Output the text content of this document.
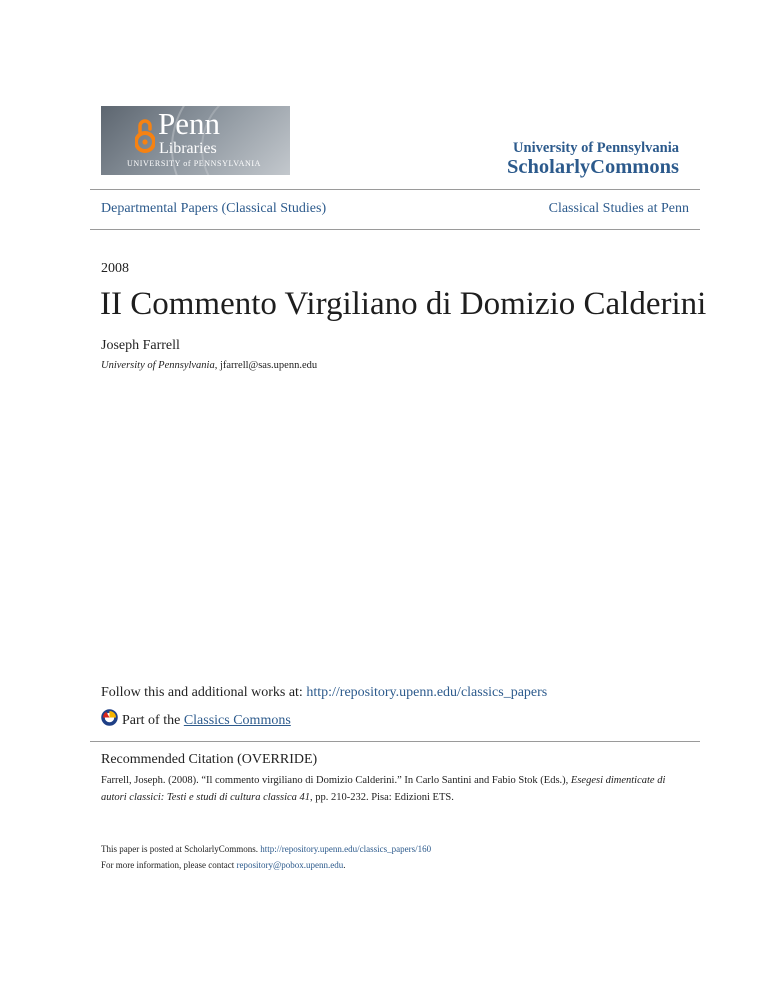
Penn
Libraries
UNIVERSITY of PENNSYLVANIA
University of Pennsylvania
ScholarlyCommons
Departmental Papers (Classical Studies)	Classical Studies at Penn
2008
II Commento Virgiliano di Domizio Calderini
Joseph Farrell
University of Pennsylvania, jfarrell@sas.upenn.edu
Follow this and additional works at: http://repository.upenn.edu/classics_papers
Part of the Classics Commons
Recommended Citation (OVERRIDE)
Farrell, Joseph. (2008). “Il commento virgiliano di Domizio Calderini.” In Carlo Santini and Fabio Stok (Eds.), Esegesi dimenticate di autori classici: Testi e studi di cultura classica 41, pp. 210-232. Pisa: Edizioni ETS.
This paper is posted at ScholarlyCommons. http://repository.upenn.edu/classics_papers/160
For more information, please contact repository@pobox.upenn.edu.
